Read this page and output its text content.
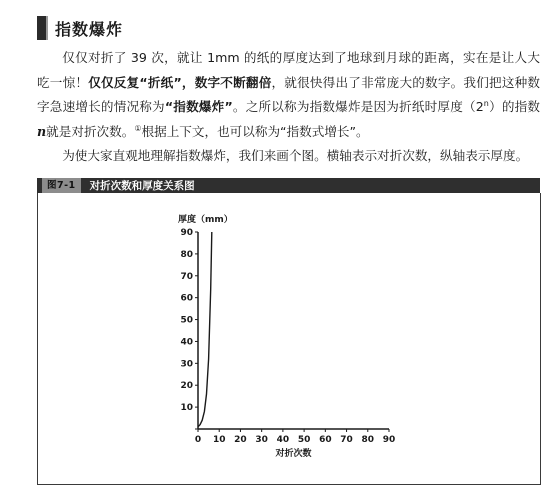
指数爆炸

仅仅对折了 39 次，就让 1mm 的纸的厚度达到了地球到月球的距离，实在是让人大吃一惊！仅仅反复“折纸”，数字不断翻倍，就很快得出了非常庞大的数字。我们把这种数字急速增长的情况称为“指数爆炸”。之所以称为指数爆炸是因为折纸时厚度（2$^n$）的指数 n就是对折次数。①根据上下文，也可以称为“指数式增长”。

为使大家直观地理解指数爆炸，我们来画个图。横轴表示对折次数，纵轴表示厚度。

图7-1	对折次数和厚度关系图
0 10 20 30 40 50 60 70 80 90
10
20
30
40
50
60
70
80
90
厚度（mm）
对折次数
